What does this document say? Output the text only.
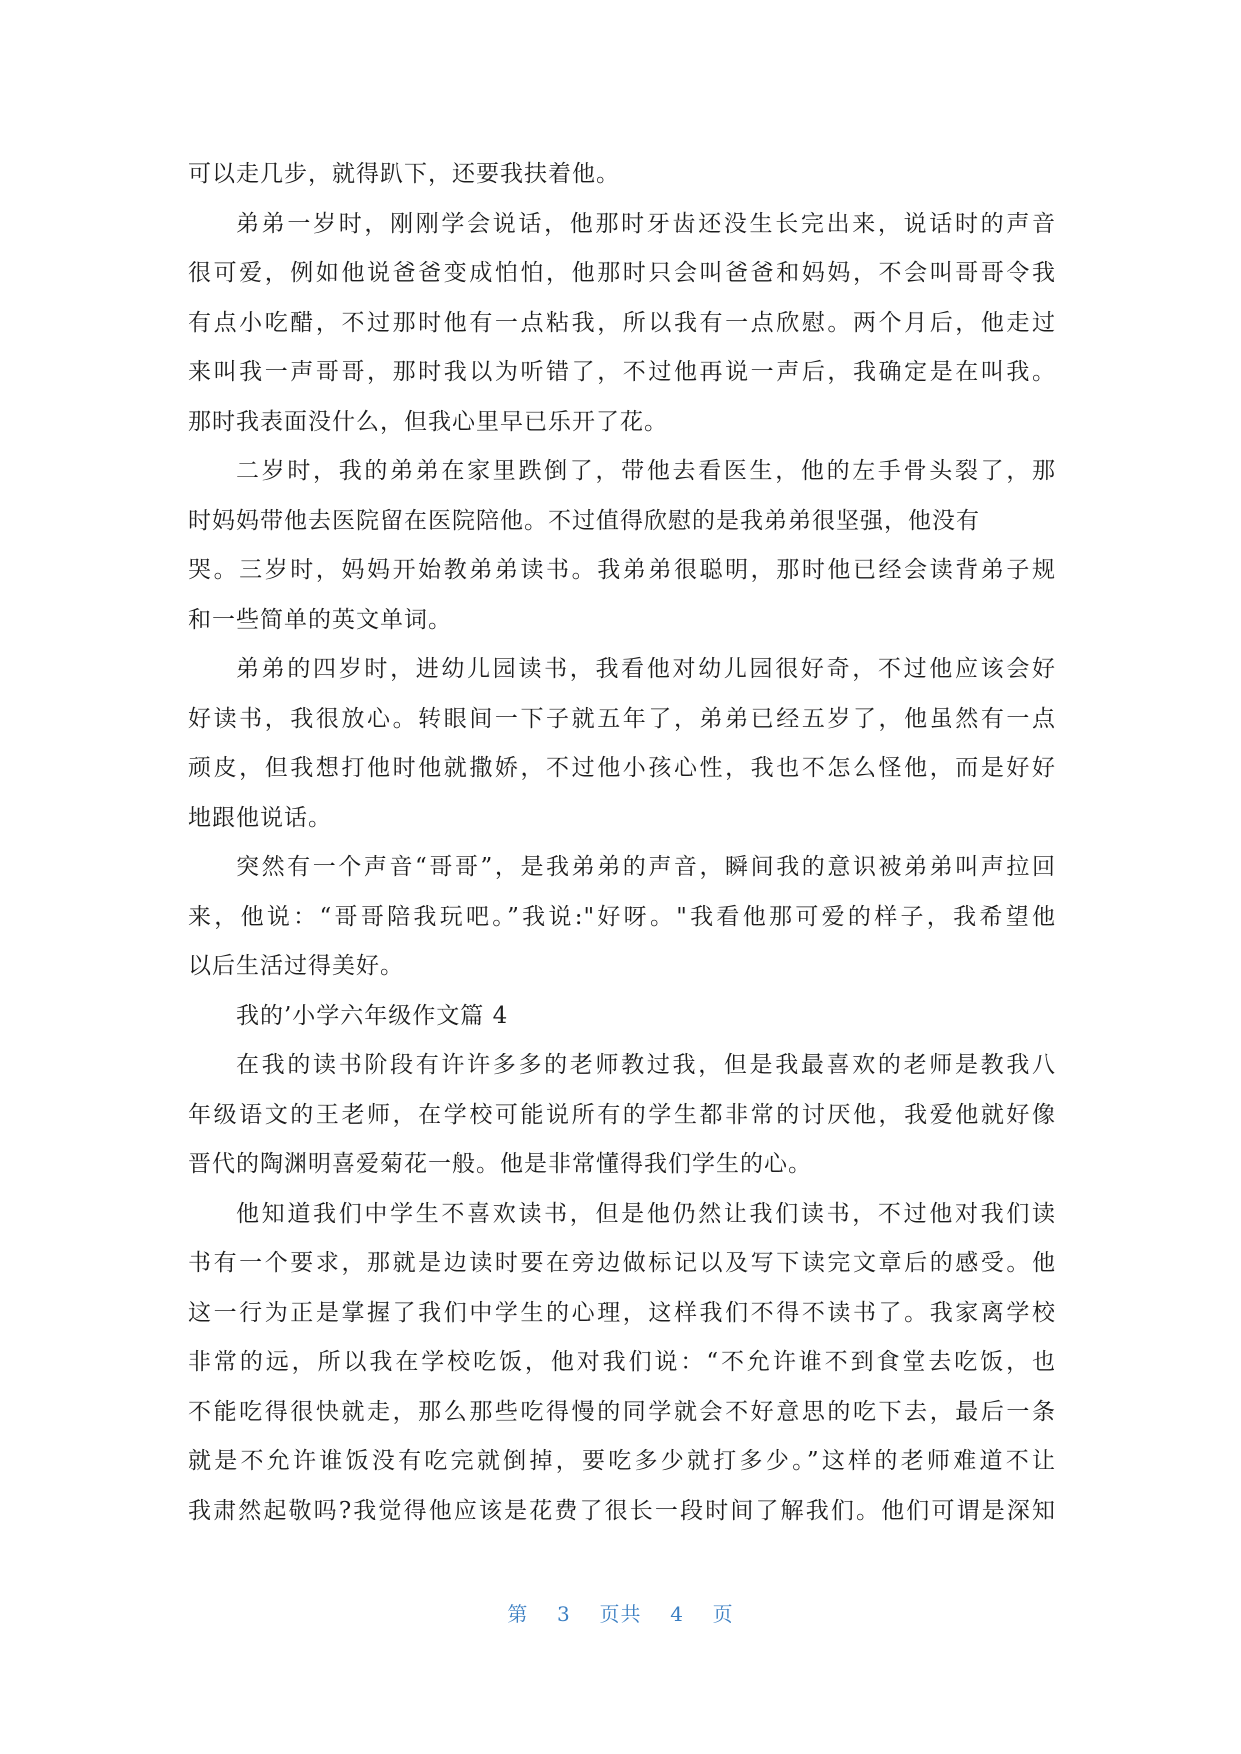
可以走几步，就得趴下，还要我扶着他。
弟弟一岁时，刚刚学会说话，他那时牙齿还没生长完出来，说话时的声音
很可爱，例如他说爸爸变成怕怕，他那时只会叫爸爸和妈妈，不会叫哥哥令我
有点小吃醋，不过那时他有一点粘我，所以我有一点欣慰。两个月后，他走过
来叫我一声哥哥，那时我以为听错了，不过他再说一声后，我确定是在叫我。
那时我表面没什么，但我心里早已乐开了花。
二岁时，我的弟弟在家里跌倒了，带他去看医生，他的左手骨头裂了，那
时妈妈带他去医院留在医院陪他。不过值得欣慰的是我弟弟很坚强，他没有
哭。三岁时，妈妈开始教弟弟读书。我弟弟很聪明，那时他已经会读背弟子规
和一些简单的英文单词。
弟弟的四岁时，进幼儿园读书，我看他对幼儿园很好奇，不过他应该会好
好读书，我很放心。转眼间一下子就五年了，弟弟已经五岁了，他虽然有一点
顽皮，但我想打他时他就撒娇，不过他小孩心性，我也不怎么怪他，而是好好
地跟他说话。
突然有一个声音“哥哥”，是我弟弟的声音，瞬间我的意识被弟弟叫声拉回
来，他说：“哥哥陪我玩吧。”我说:"好呀。"我看他那可爱的样子，我希望他
以后生活过得美好。
我的’小学六年级作文篇 4
在我的读书阶段有许许多多的老师教过我，但是我最喜欢的老师是教我八
年级语文的王老师，在学校可能说所有的学生都非常的讨厌他，我爱他就好像
晋代的陶渊明喜爱菊花一般。他是非常懂得我们学生的心。
他知道我们中学生不喜欢读书，但是他仍然让我们读书，不过他对我们读
书有一个要求，那就是边读时要在旁边做标记以及写下读完文章后的感受。他
这一行为正是掌握了我们中学生的心理，这样我们不得不读书了。我家离学校
非常的远，所以我在学校吃饭，他对我们说：“不允许谁不到食堂去吃饭，也
不能吃得很快就走，那么那些吃得慢的同学就会不好意思的吃下去，最后一条
就是不允许谁饭没有吃完就倒掉，要吃多少就打多少。”这样的老师难道不让
我肃然起敬吗?我觉得他应该是花费了很长一段时间了解我们。他们可谓是深知
第 3 页共 4 页
